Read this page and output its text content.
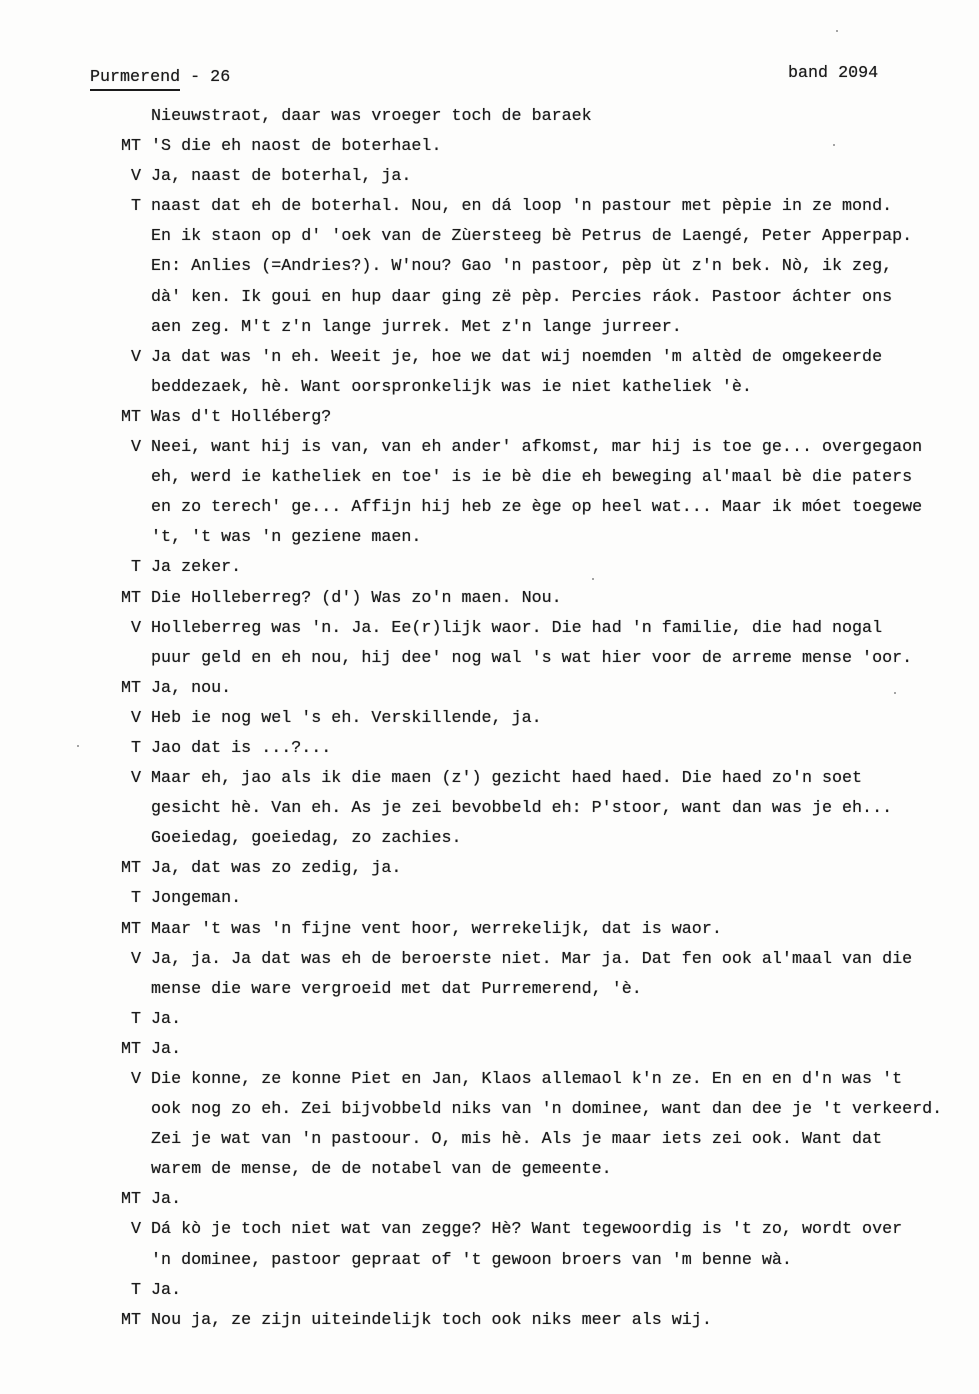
Purmerend - 26	band 2094
Nieuwstraot, daar was vroeger toch de baraek
MT 'S die eh naost de boterhael.
V Ja, naast de boterhal, ja.
T naast dat eh de boterhal. Nou, en dá loop 'n pastour met pèpie in ze mond.
En ik staon op d' 'oek van de Zùersteeg bè Petrus de Laengé, Peter Apperpap.
En: Anlies (=Andries?). W'nou? Gao 'n pastoor, pèp ùt z'n bek. Nò, ik zeg,
dà' ken. Ik goui en hup daar ging zë pèp. Percies ráok. Pastoor áchter ons
aen zeg. M't z'n lange jurrek. Met z'n lange jurreer.
V Ja dat was 'n eh. Weeit je, hoe we dat wij noemden 'm altèd de omgekeerde
beddezaek, hè. Want oorspronkelijk was ie niet katheliek 'è.
MT Was d't Holléberg?
V Neei, want hij is van, van eh ander' afkomst, mar hij is toe ge... overgegaon
eh, werd ie katheliek en toe' is ie bè die eh beweging al'maal bè die paters
en zo terech' ge... Affijn hij heb ze ège op heel wat... Maar ik móet toegewe
't, 't was 'n geziene maen.
T Ja zeker.
MT Die Holleberreg? (d') Was zo'n maen. Nou.
V Holleberreg was 'n. Ja. Ee(r)lijk waor. Die had 'n familie, die had nogal
puur geld en eh nou, hij dee' nog wal 's wat hier voor de arreme mense 'oor.
MT Ja, nou.
V Heb ie nog wel 's eh. Verskillende, ja.
T Jao dat is ...?...
V Maar eh, jao als ik die maen (z') gezicht haed haed. Die haed zo'n soet
gesicht hè. Van eh. As je zei bevobbeld eh: P'stoor, want dan was je eh...
Goeiedag, goeiedag, zo zachies.
MT Ja, dat was zo zedig, ja.
T Jongeman.
MT Maar 't was 'n fijne vent hoor, werrekelijk, dat is waor.
V Ja, ja. Ja dat was eh de beroerste niet. Mar ja. Dat fen ook al'maal van die
mense die ware vergroeid met dat Purremerend, 'è.
T Ja.
MT Ja.
V Die konne, ze konne Piet en Jan, Klaos allemaol k'n ze. En en en d'n was 't
ook nog zo eh. Zei bijvobbeld niks van 'n dominee, want dan dee je 't verkeerd.
Zei je wat van 'n pastoour. O, mis hè. Als je maar iets zei ook. Want dat
warem de mense, de de notabel van de gemeente.
MT Ja.
V Dá kò je toch niet wat van zegge? Hè? Want tegewoordig is 't zo, wordt over
'n dominee, pastoor gepraat of 't gewoon broers van 'm benne wà.
T Ja.
MT Nou ja, ze zijn uiteindelijk toch ook niks meer als wij.
